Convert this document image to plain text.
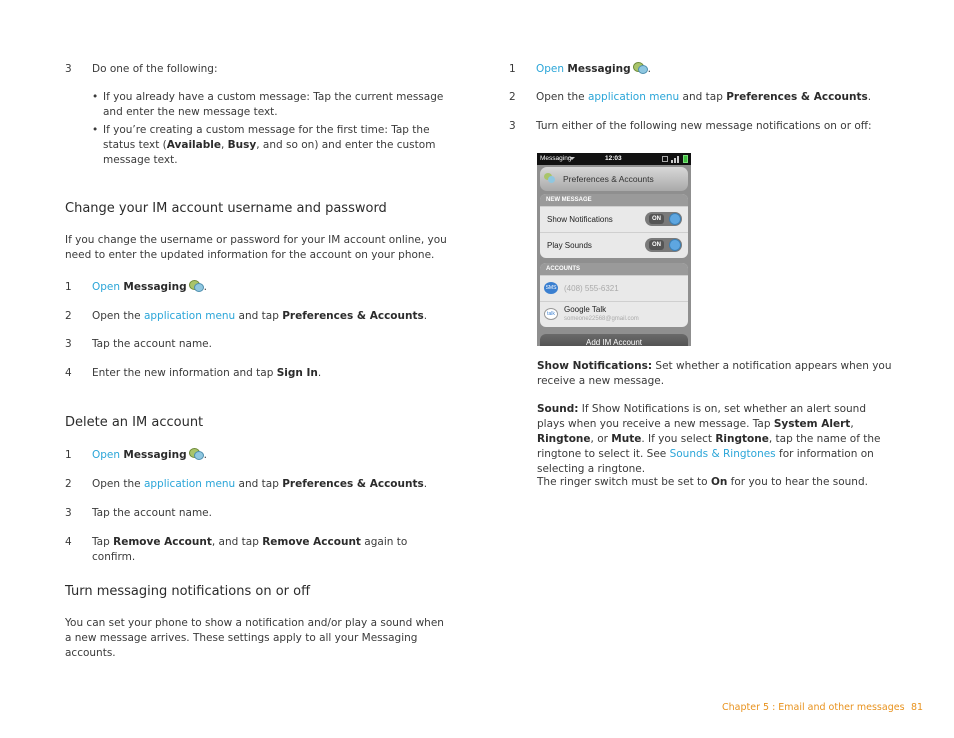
3	Do one of the following:
• If you already have a custom message: Tap the current message and enter the new message text.
• If you’re creating a custom message for the first time: Tap the status text (Available, Busy, and so on) and enter the custom message text.
Change your IM account username and password
If you change the username or password for your IM account online, you need to enter the updated information for the account on your phone.
1	Open Messaging .
2	Open the application menu and tap Preferences & Accounts.
3	Tap the account name.
4	Enter the new information and tap Sign In.
Delete an IM account
1	Open Messaging .
2	Open the application menu and tap Preferences & Accounts.
3	Tap the account name.
4	Tap Remove Account, and tap Remove Account again to confirm.
Turn messaging notifications on or off
You can set your phone to show a notification and/or play a sound when a new message arrives. These settings apply to all your Messaging accounts.
1	Open Messaging .
2	Open the application menu and tap Preferences & Accounts.
3	Turn either of the following new message notifications on or off:
Messaging	12:03
Preferences & Accounts
NEW MESSAGE
Show Notifications	ON
Play Sounds	ON
ACCOUNTS
SMS (408) 555-6321
talk	Google Talk
someone22568@gmail.com
Add IM Account
Show Notifications: Set whether a notification appears when you receive a new message.
Sound: If Show Notifications is on, set whether an alert sound plays when you receive a new message. Tap System Alert, Ringtone, or Mute. If you select Ringtone, tap the name of the ringtone to select it. See Sounds & Ringtones for information on selecting a ringtone.
The ringer switch must be set to On for you to hear the sound.
Chapter 5 : Email and other messages 81
